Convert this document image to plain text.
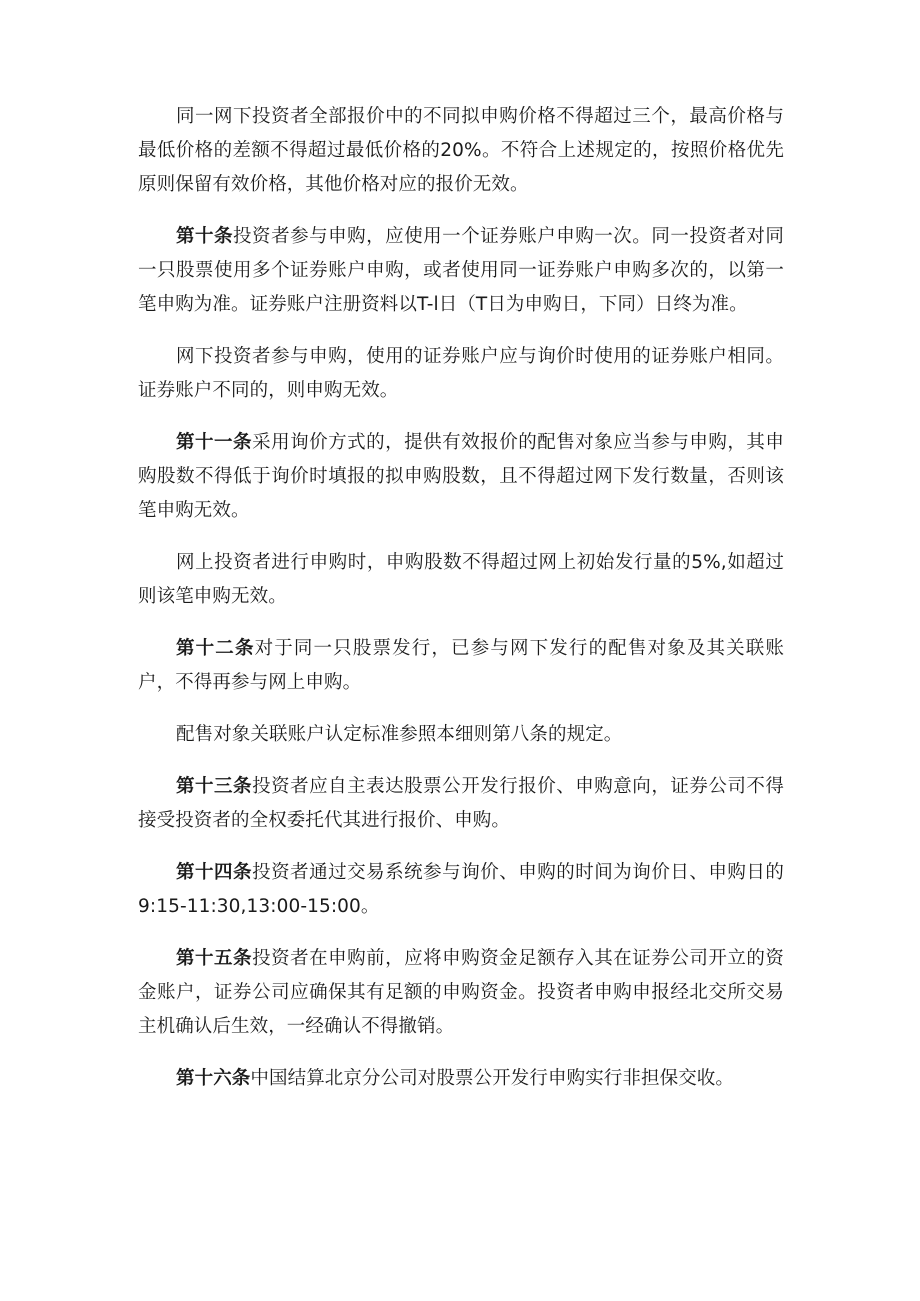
同一网下投资者全部报价中的不同拟申购价格不得超过三个，最高价格与最低价格的差额不得超过最低价格的20%。不符合上述规定的，按照价格优先原则保留有效价格，其他价格对应的报价无效。

第十条投资者参与申购，应使用一个证券账户申购一次。同一投资者对同一只股票使用多个证券账户申购，或者使用同一证券账户申购多次的，以第一笔申购为准。证券账户注册资料以T-l日（T日为申购日，下同）日终为准。

网下投资者参与申购，使用的证券账户应与询价时使用的证券账户相同。证券账户不同的，则申购无效。

第十一条采用询价方式的，提供有效报价的配售对象应当参与申购，其申购股数不得低于询价时填报的拟申购股数，且不得超过网下发行数量，否则该笔申购无效。

网上投资者进行申购时，申购股数不得超过网上初始发行量的5%,如超过则该笔申购无效。

第十二条对于同一只股票发行，已参与网下发行的配售对象及其关联账户，不得再参与网上申购。

配售对象关联账户认定标准参照本细则第八条的规定。

第十三条投资者应自主表达股票公开发行报价、申购意向，证券公司不得接受投资者的全权委托代其进行报价、申购。

第十四条投资者通过交易系统参与询价、申购的时间为询价日、申购日的9:15-11:30,13:00-15:00。

第十五条投资者在申购前，应将申购资金足额存入其在证券公司开立的资金账户，证券公司应确保其有足额的申购资金。投资者申购申报经北交所交易主机确认后生效，一经确认不得撤销。

第十六条中国结算北京分公司对股票公开发行申购实行非担保交收。
